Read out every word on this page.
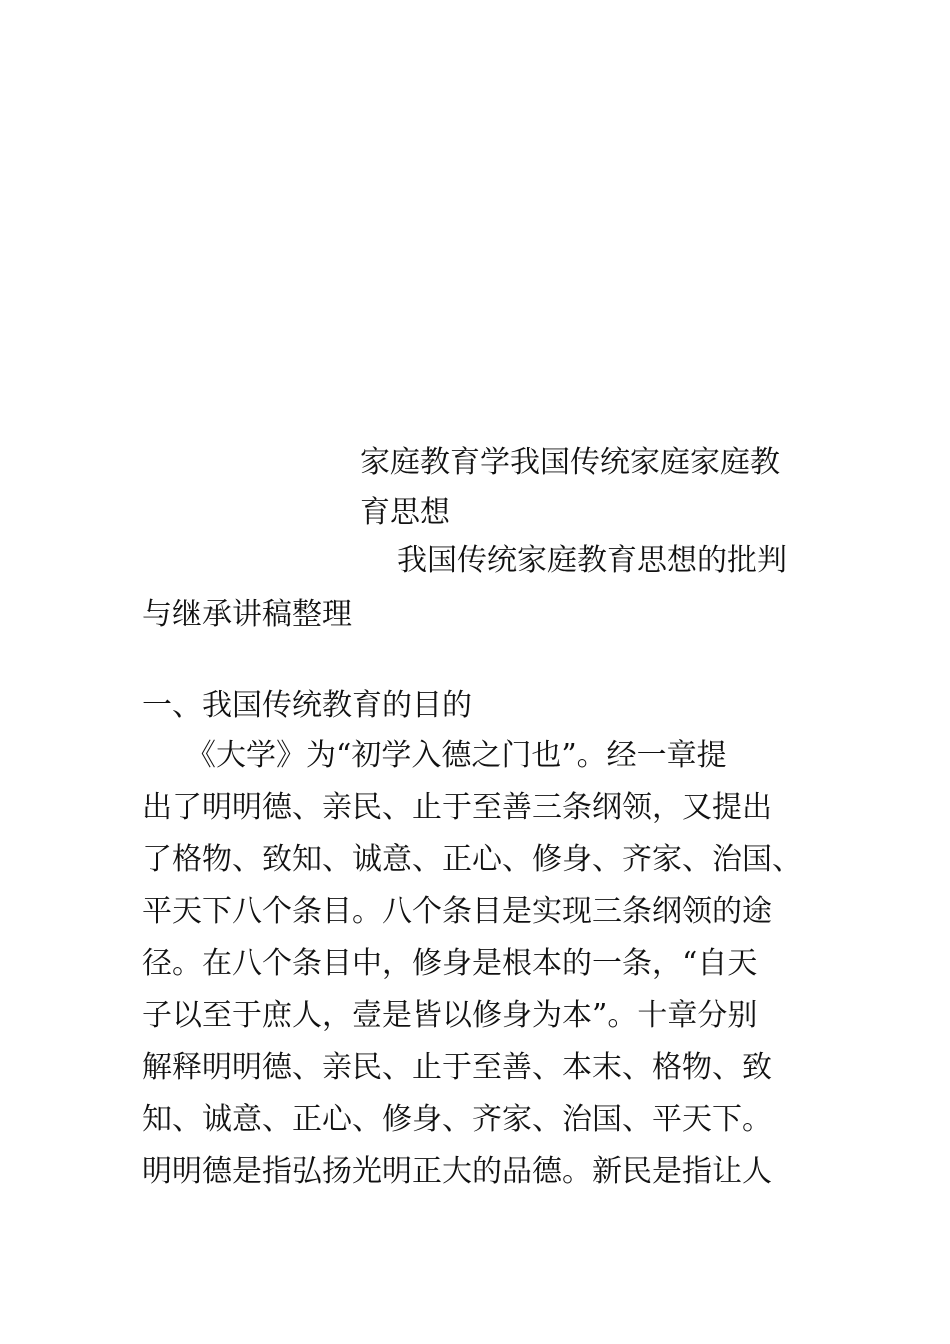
家庭教育学我国传统家庭家庭教
育思想
我国传统家庭教育思想的批判
与继承讲稿整理
一、我国传统教育的目的
《大学》为“初学入德之门也”。经一章提
出了明明德、亲民、止于至善三条纲领，又提出
了格物、致知、诚意、正心、修身、齐家、治国、
平天下八个条目。八个条目是实现三条纲领的途
径。在八个条目中，修身是根本的一条，“自天
子以至于庶人，壹是皆以修身为本”。十章分别
解释明明德、亲民、止于至善、本末、格物、致
知、诚意、正心、修身、齐家、治国、平天下。
明明德是指弘扬光明正大的品德。新民是指让人
